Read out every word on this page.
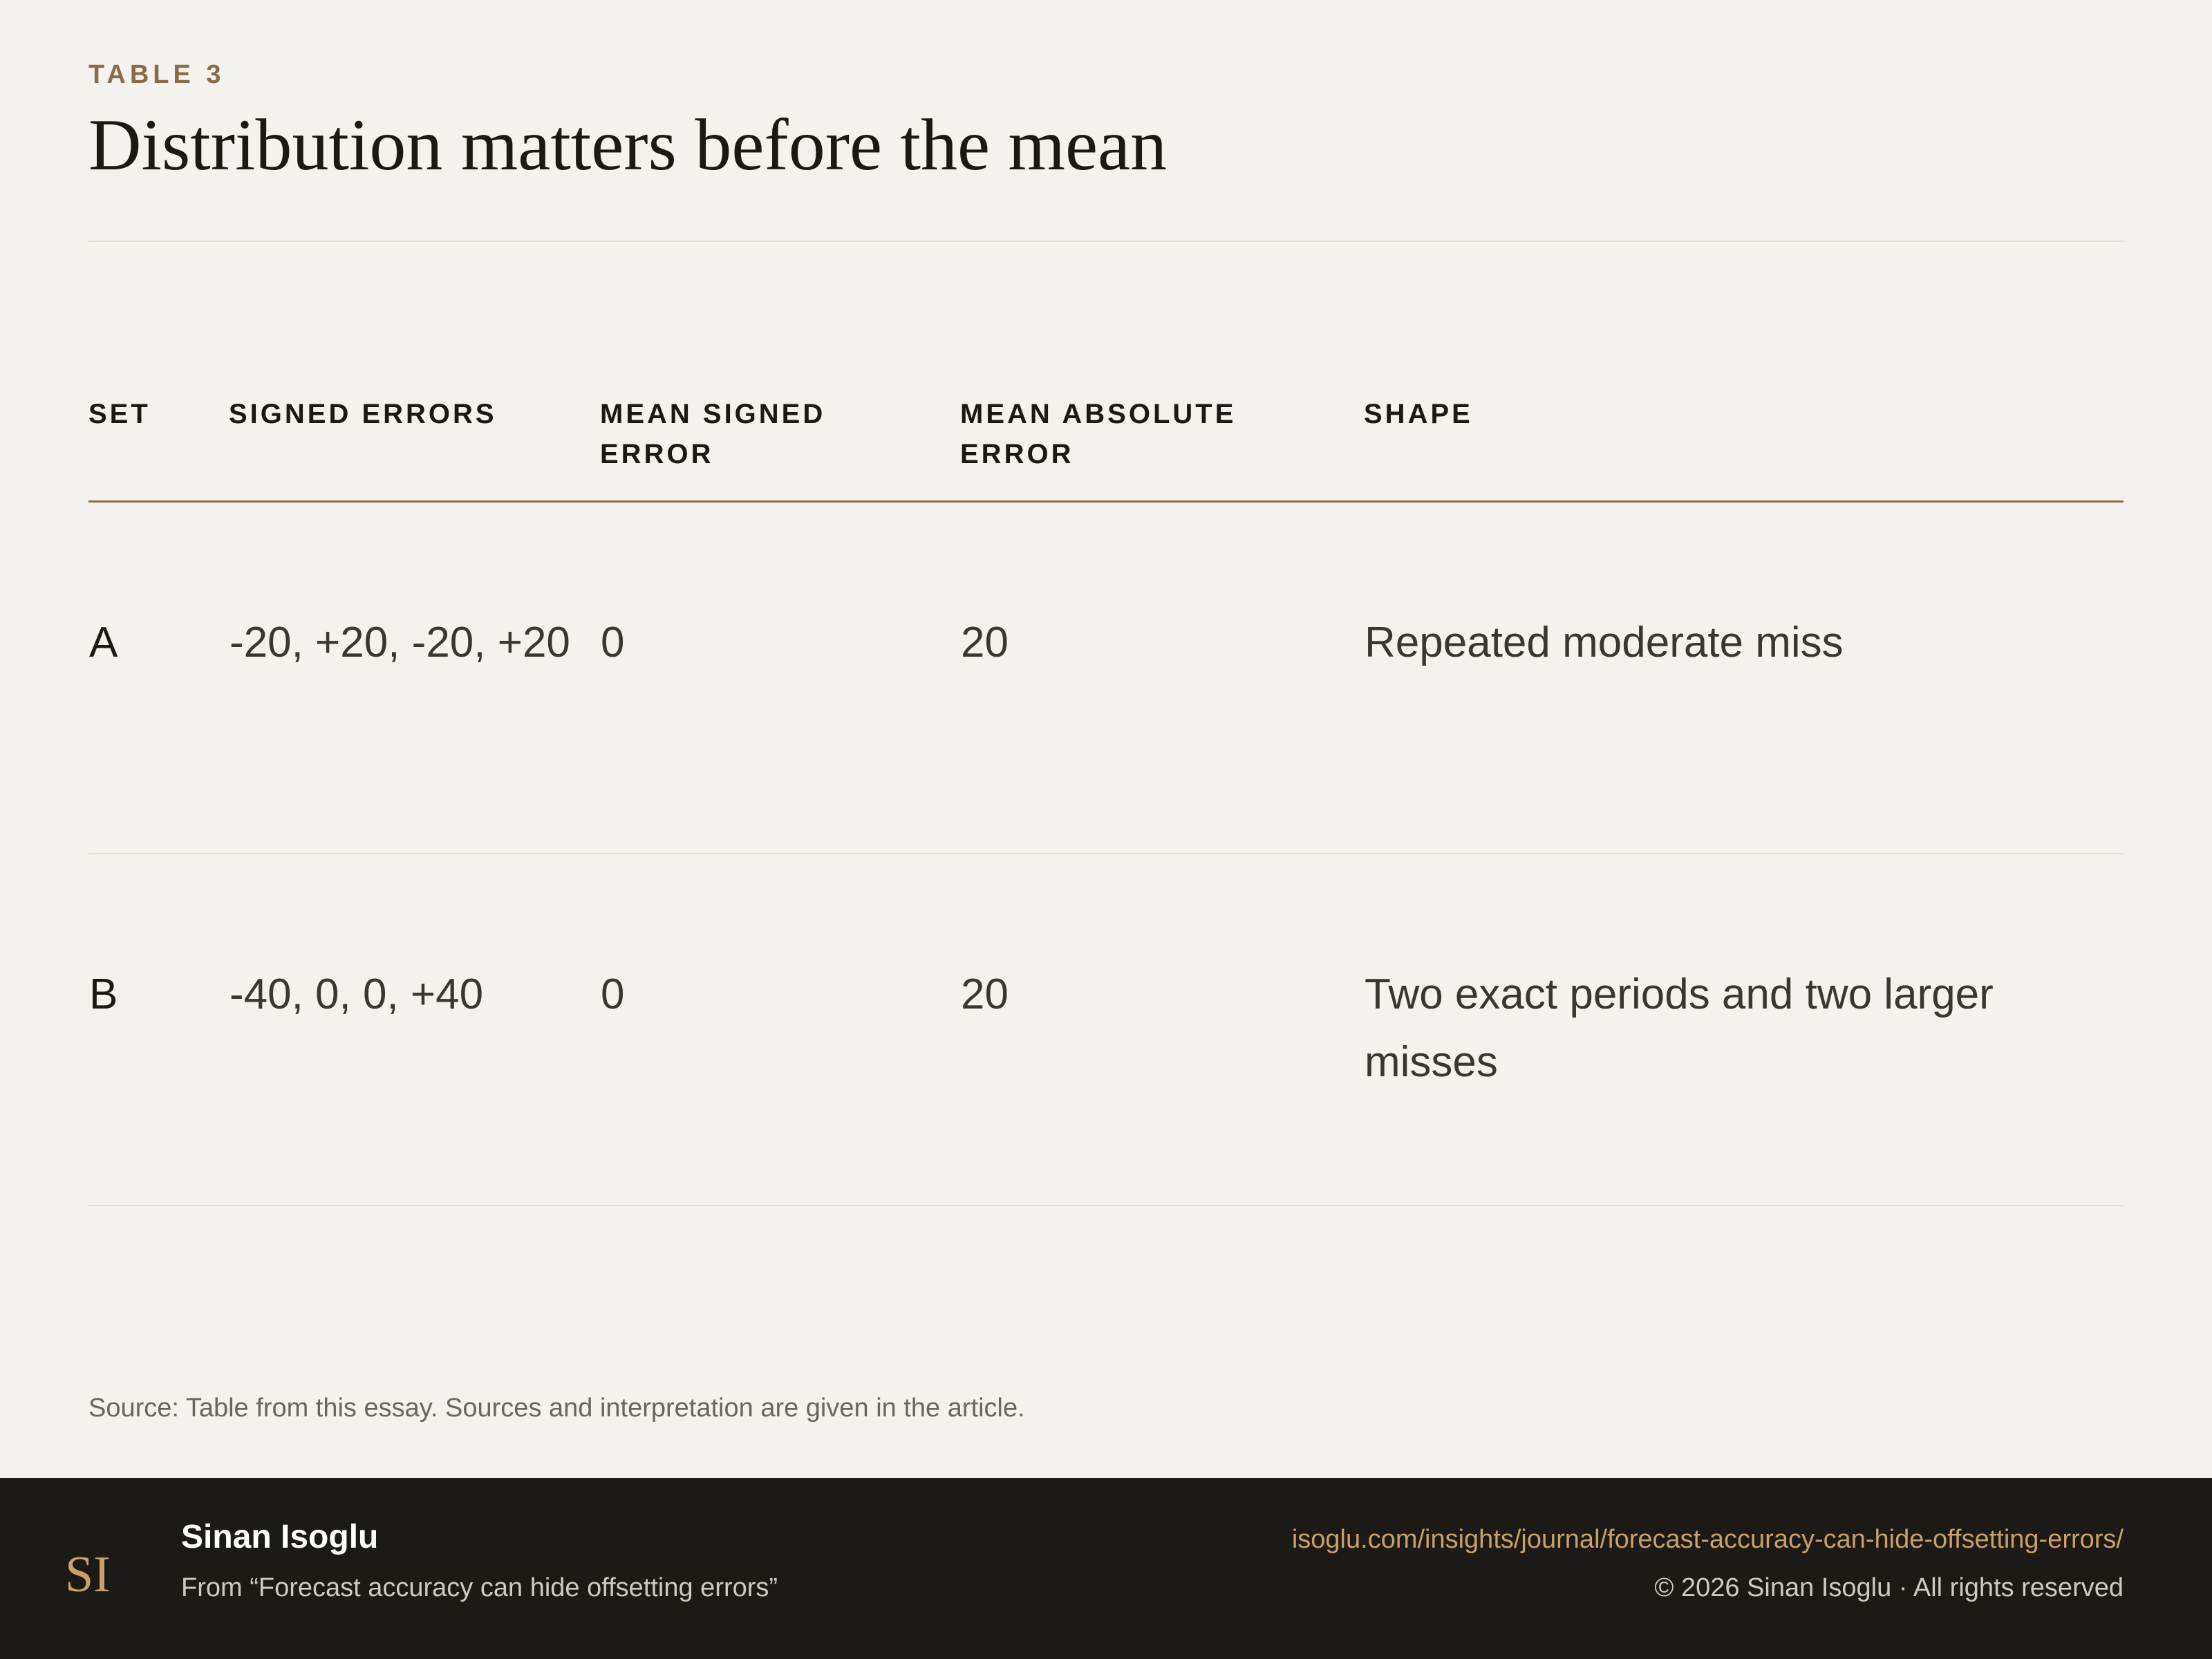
TABLE 3
Distribution matters before the mean
SET	SIGNED ERRORS	MEAN SIGNED ERROR	MEAN ABSOLUTE ERROR	SHAPE

A	-20, +20, -20, +20	0	20	Repeated moderate miss

B	-40, 0, 0, +40	0	20	Two exact periods and two larger misses
Source: Table from this essay. Sources and interpretation are given in the article.
SI
Sinan Isoglu
From “Forecast accuracy can hide offsetting errors”
isoglu.com/insights/journal/forecast-accuracy-can-hide-offsetting-errors/
© 2026 Sinan Isoglu · All rights reserved
